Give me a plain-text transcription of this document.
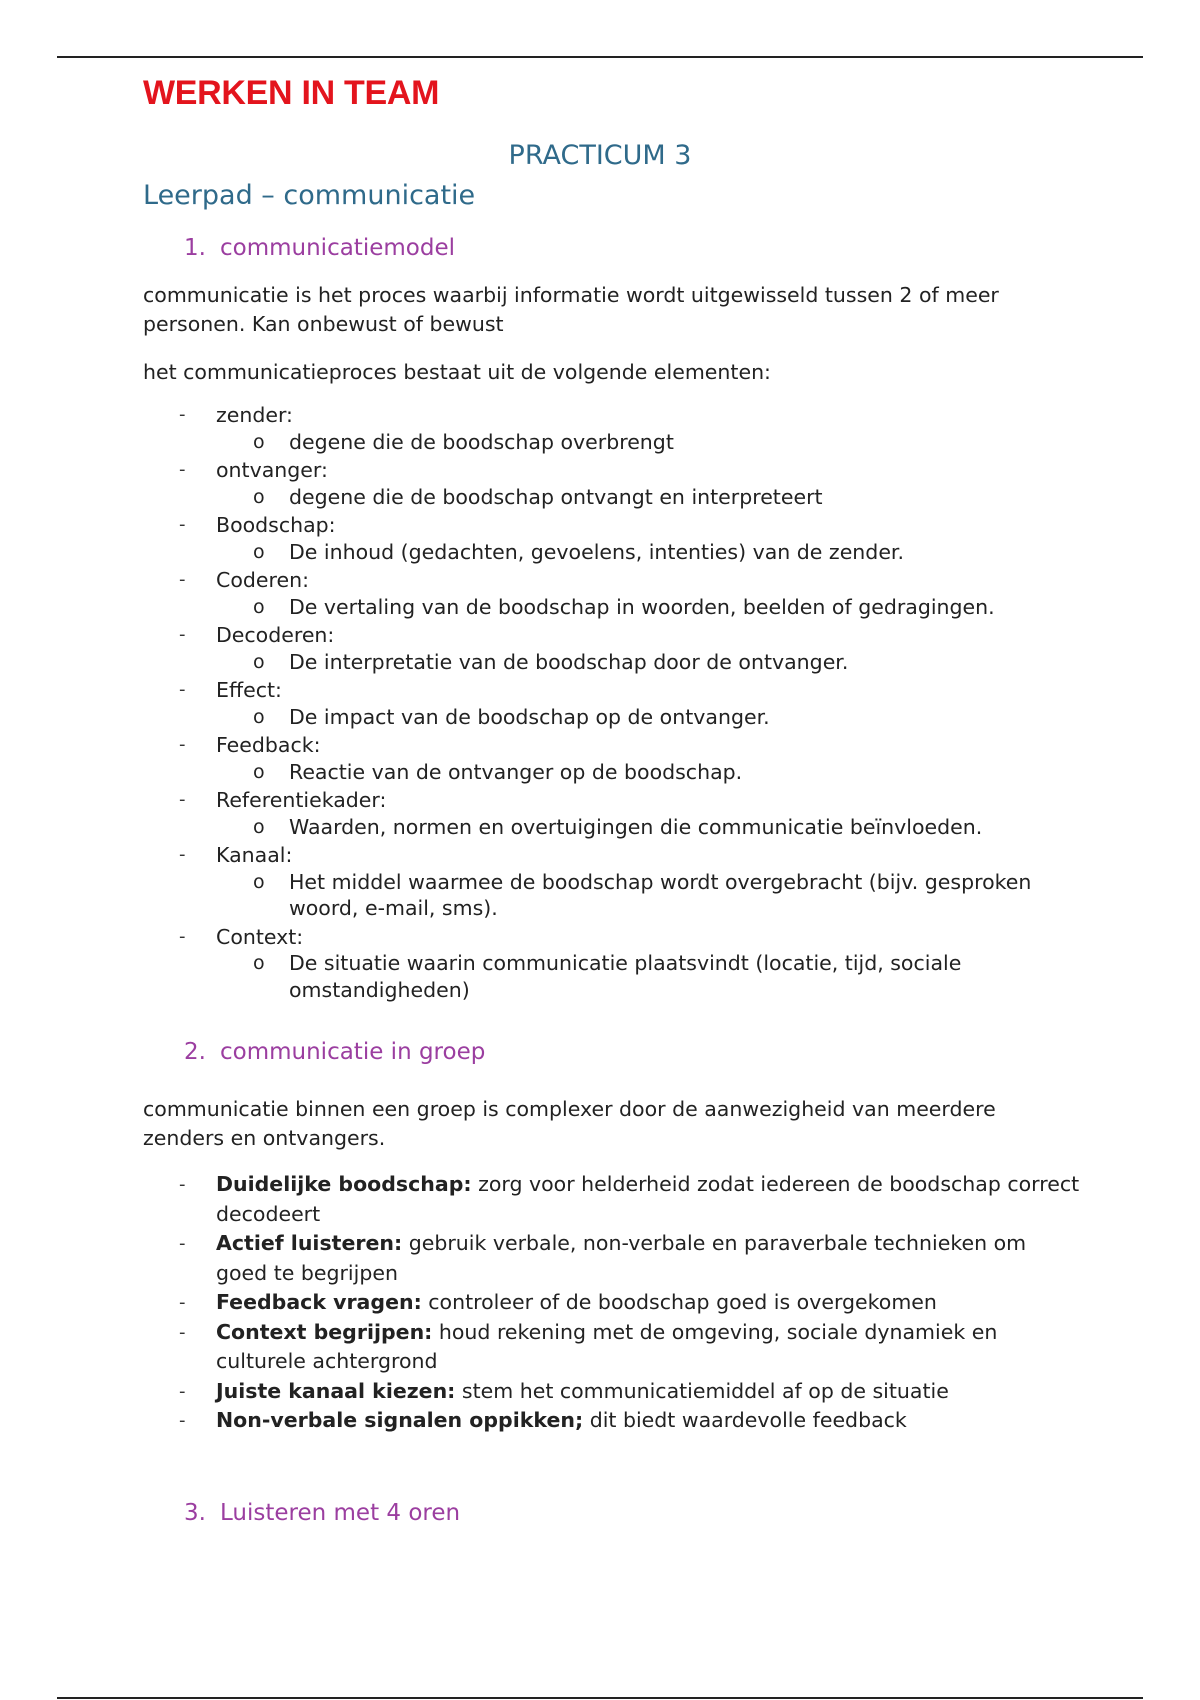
WERKEN IN TEAM
PRACTICUM 3
Leerpad – communicatie
1. communicatiemodel

communicatie is het proces waarbij informatie wordt uitgewisseld tussen 2 of meer personen. Kan onbewust of bewust

het communicatieproces bestaat uit de volgende elementen:

- zender:
o degene die de boodschap overbrengt
- ontvanger:
o degene die de boodschap ontvangt en interpreteert
- Boodschap:
o De inhoud (gedachten, gevoelens, intenties) van de zender.
- Coderen:
o De vertaling van de boodschap in woorden, beelden of gedragingen.
- Decoderen:
o De interpretatie van de boodschap door de ontvanger.
- Effect:
o De impact van de boodschap op de ontvanger.
- Feedback:
o Reactie van de ontvanger op de boodschap.
- Referentiekader:
o Waarden, normen en overtuigingen die communicatie beïnvloeden.
- Kanaal:
o Het middel waarmee de boodschap wordt overgebracht (bijv. gesproken woord, e-mail, sms).
- Context:
o De situatie waarin communicatie plaatsvindt (locatie, tijd, sociale omstandigheden)
2. communicatie in groep

communicatie binnen een groep is complexer door de aanwezigheid van meerdere zenders en ontvangers.

- Duidelijke boodschap: zorg voor helderheid zodat iedereen de boodschap correct decodeert
- Actief luisteren: gebruik verbale, non-verbale en paraverbale technieken om goed te begrijpen
- Feedback vragen: controleer of de boodschap goed is overgekomen
- Context begrijpen: houd rekening met de omgeving, sociale dynamiek en culturele achtergrond
- Juiste kanaal kiezen: stem het communicatiemiddel af op de situatie
- Non-verbale signalen oppikken; dit biedt waardevolle feedback
3. Luisteren met 4 oren
